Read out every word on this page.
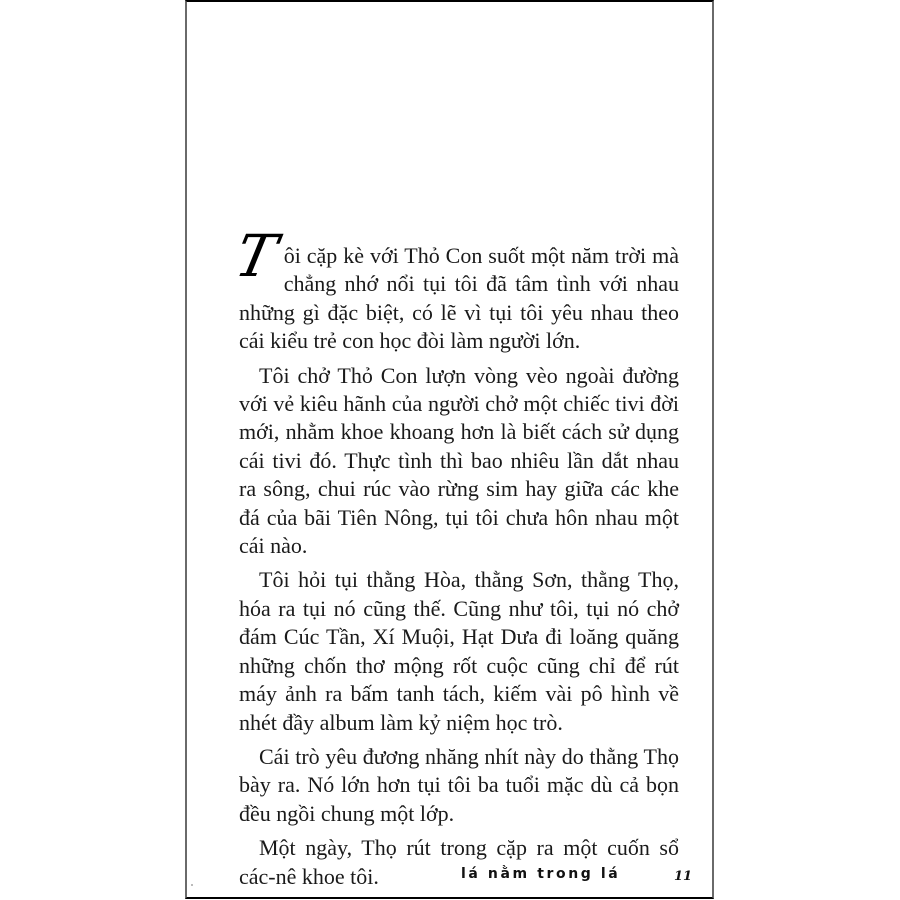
Tôi cặp kè với Thỏ Con suốt một năm trời mà chẳng nhớ nổi tụi tôi đã tâm tình với nhau những gì đặc biệt, có lẽ vì tụi tôi yêu nhau theo cái kiểu trẻ con học đòi làm người lớn.

Tôi chở Thỏ Con lượn vòng vèo ngoài đường với vẻ kiêu hãnh của người chở một chiếc tivi đời mới, nhằm khoe khoang hơn là biết cách sử dụng cái tivi đó. Thực tình thì bao nhiêu lần dắt nhau ra sông, chui rúc vào rừng sim hay giữa các khe đá của bãi Tiên Nông, tụi tôi chưa hôn nhau một cái nào.

Tôi hỏi tụi thằng Hòa, thằng Sơn, thằng Thọ, hóa ra tụi nó cũng thế. Cũng như tôi, tụi nó chở đám Cúc Tần, Xí Muội, Hạt Dưa đi loăng quăng những chốn thơ mộng rốt cuộc cũng chỉ để rút máy ảnh ra bấm tanh tách, kiếm vài pô hình về nhét đầy album làm kỷ niệm học trò.

Cái trò yêu đương nhăng nhít này do thằng Thọ bày ra. Nó lớn hơn tụi tôi ba tuổi mặc dù cả bọn đều ngồi chung một lớp.

Một ngày, Thọ rút trong cặp ra một cuốn sổ các-nê khoe tôi.	lá nằm trong lá	11
